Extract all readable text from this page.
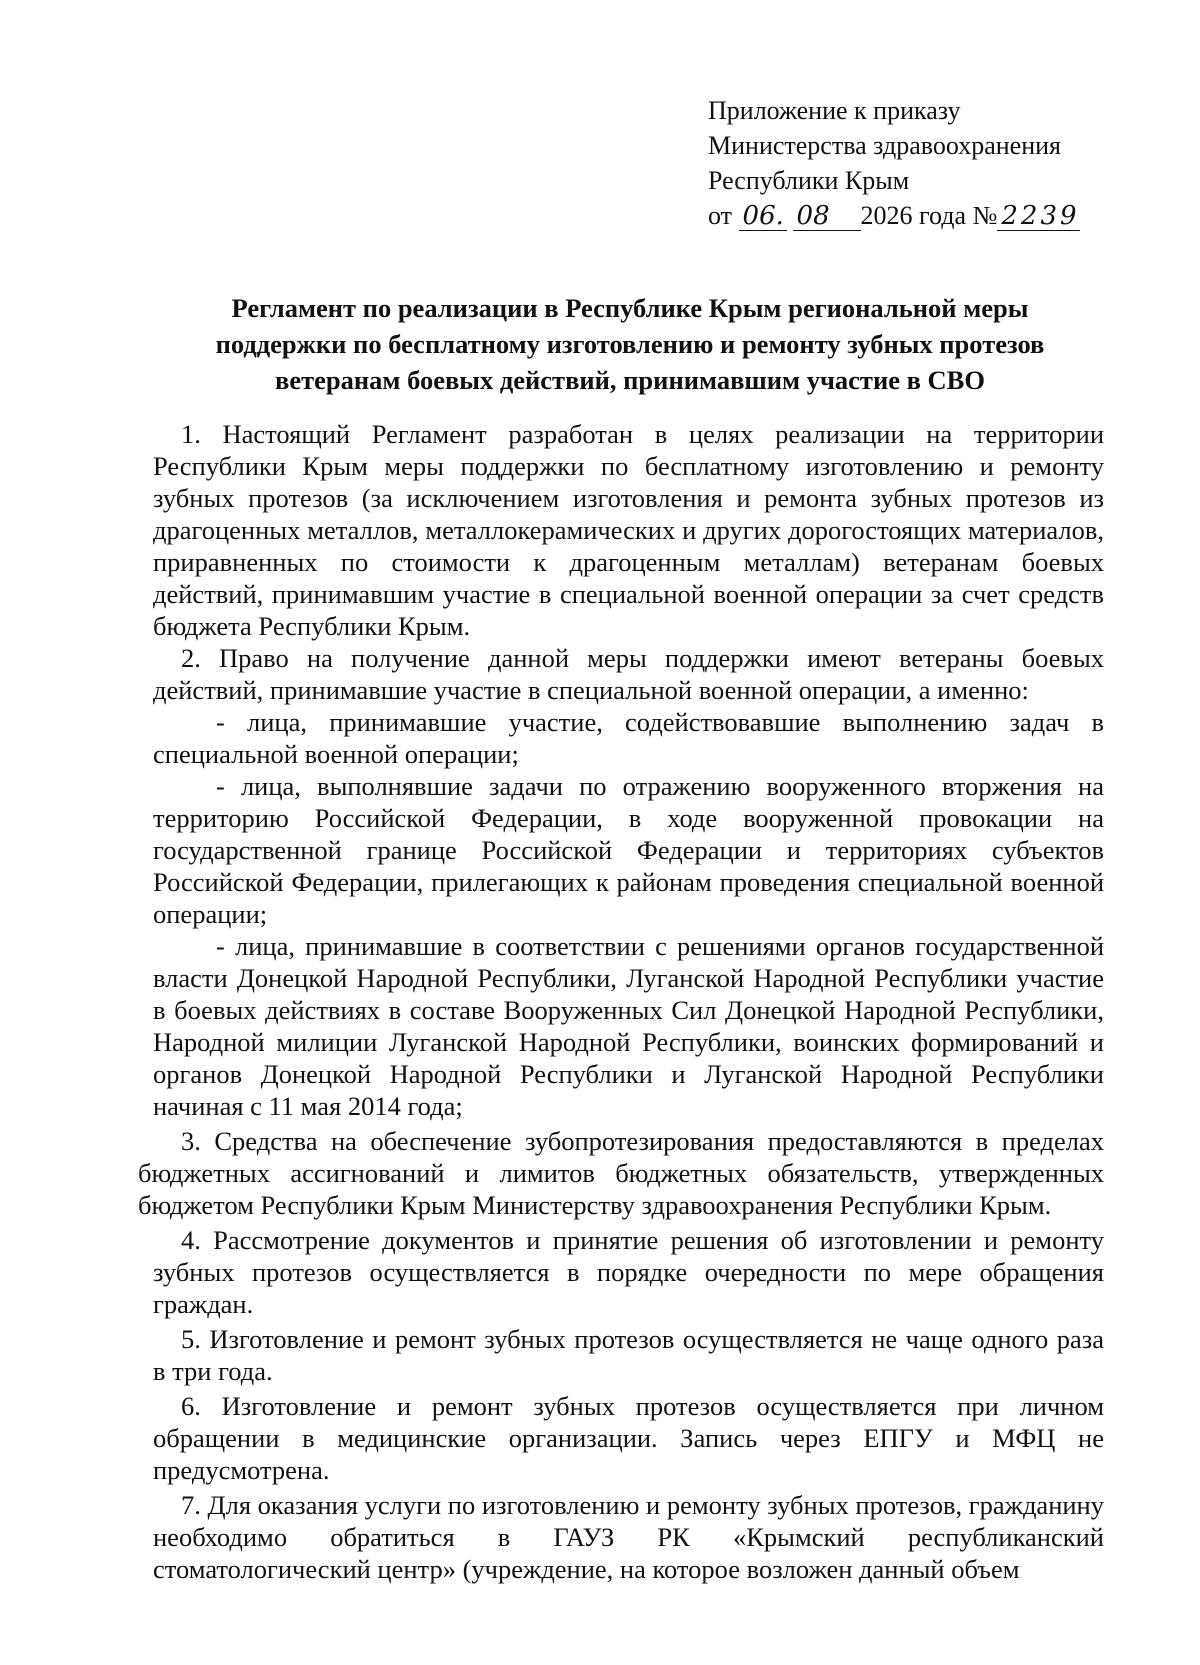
Приложение к приказу
Министерства здравоохранения
Республики Крым
от 06. 08 2026 года № 2239
Регламент по реализации в Республике Крым региональной меры
поддержки по бесплатному изготовлению и ремонту зубных протезов
ветеранам боевых действий, принимавшим участие в СВО

1. Настоящий Регламент разработан в целях реализации на территории Республики Крым меры поддержки по бесплатному изготовлению и ремонту зубных протезов (за исключением изготовления и ремонта зубных протезов из драгоценных металлов, металлокерамических и других дорогостоящих материалов, приравненных по стоимости к драгоценным металлам) ветеранам боевых действий, принимавшим участие в специальной военной операции за счет средств бюджета Республики Крым.

2. Право на получение данной меры поддержки имеют ветераны боевых действий, принимавшие участие в специальной военной операции, а именно:

- лица, принимавшие участие, содействовавшие выполнению задач в специальной военной операции;

- лица, выполнявшие задачи по отражению вооруженного вторжения на территорию Российской Федерации, в ходе вооруженной провокации на государственной границе Российской Федерации и территориях субъектов Российской Федерации, прилегающих к районам проведения специальной военной операции;

- лица, принимавшие в соответствии с решениями органов государственной власти Донецкой Народной Республики, Луганской Народной Республики участие в боевых действиях в составе Вооруженных Сил Донецкой Народной Республики, Народной милиции Луганской Народной Республики, воинских формирований и органов Донецкой Народной Республики и Луганской Народной Республики начиная с 11 мая 2014 года;

3. Средства на обеспечение зубопротезирования предоставляются в пределах бюджетных ассигнований и лимитов бюджетных обязательств, утвержденных бюджетом Республики Крым Министерству здравоохранения Республики Крым.

4. Рассмотрение документов и принятие решения об изготовлении и ремонту зубных протезов осуществляется в порядке очередности по мере обращения граждан.

5. Изготовление и ремонт зубных протезов осуществляется не чаще одного раза в три года.

6. Изготовление и ремонт зубных протезов осуществляется при личном обращении в медицинские организации. Запись через ЕПГУ и МФЦ не предусмотрена.

7. Для оказания услуги по изготовлению и ремонту зубных протезов, гражданину необходимо обратиться в ГАУЗ РК «Крымский республиканский стоматологический центр» (учреждение, на которое возложен данный объем
